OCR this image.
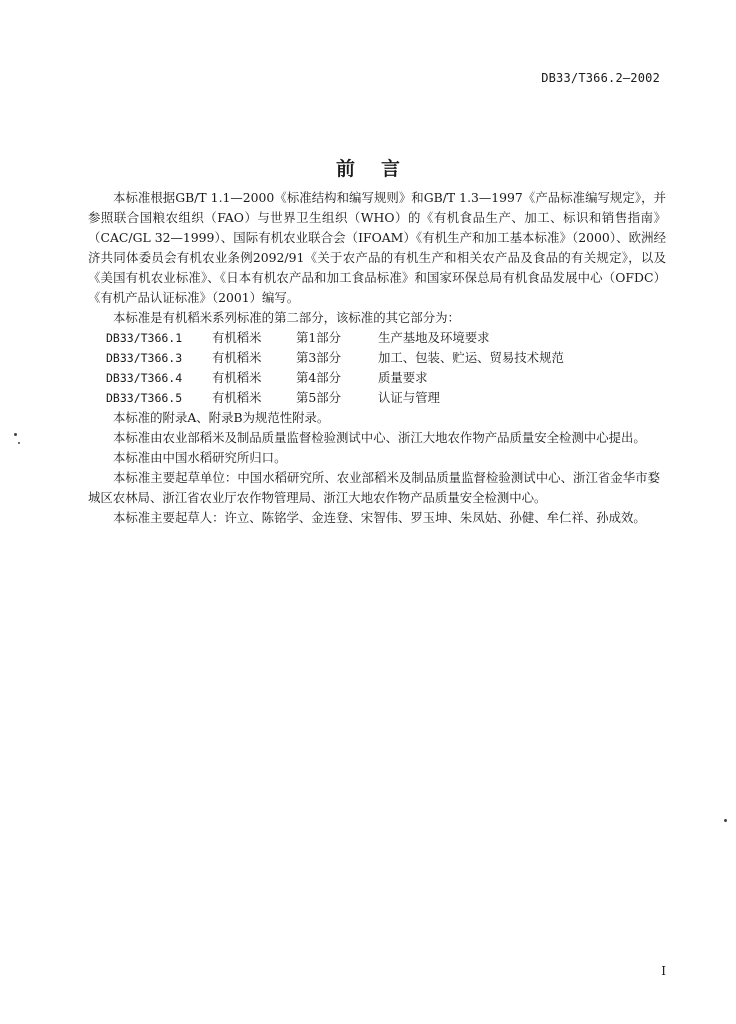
DB33/T366.2—2002
前言

本标准根据GB/T 1.1—2000《标准结构和编写规则》和GB/T 1.3—1997《产品标准编写规定》，并参照联合国粮农组织（FAO）与世界卫生组织（WHO）的《有机食品生产、加工、标识和销售指南》（CAC/GL 32—1999）、国际有机农业联合会（IFOAM）《有机生产和加工基本标准》（2000）、欧洲经济共同体委员会有机农业条例2092/91《关于农产品的有机生产和相关农产品及食品的有关规定》，以及《美国有机农业标准》、《日本有机农产品和加工食品标准》和国家环保总局有机食品发展中心（OFDC）《有机产品认证标准》（2001）编写。

本标准是有机稻米系列标准的第二部分，该标准的其它部分为：

DB33/T366.1	有机稻米	第1部分	生产基地及环境要求
DB33/T366.3	有机稻米	第3部分	加工、包装、贮运、贸易技术规范
DB33/T366.4	有机稻米	第4部分	质量要求
DB33/T366.5	有机稻米	第5部分	认证与管理

本标准的附录A、附录B为规范性附录。

本标准由农业部稻米及制品质量监督检验测试中心、浙江大地农作物产品质量安全检测中心提出。

本标准由中国水稻研究所归口。

本标准主要起草单位：中国水稻研究所、农业部稻米及制品质量监督检验测试中心、浙江省金华市婺城区农林局、浙江省农业厅农作物管理局、浙江大地农作物产品质量安全检测中心。

本标准主要起草人：许立、陈铭学、金连登、宋智伟、罗玉坤、朱凤姑、孙健、牟仁祥、孙成效。

I
